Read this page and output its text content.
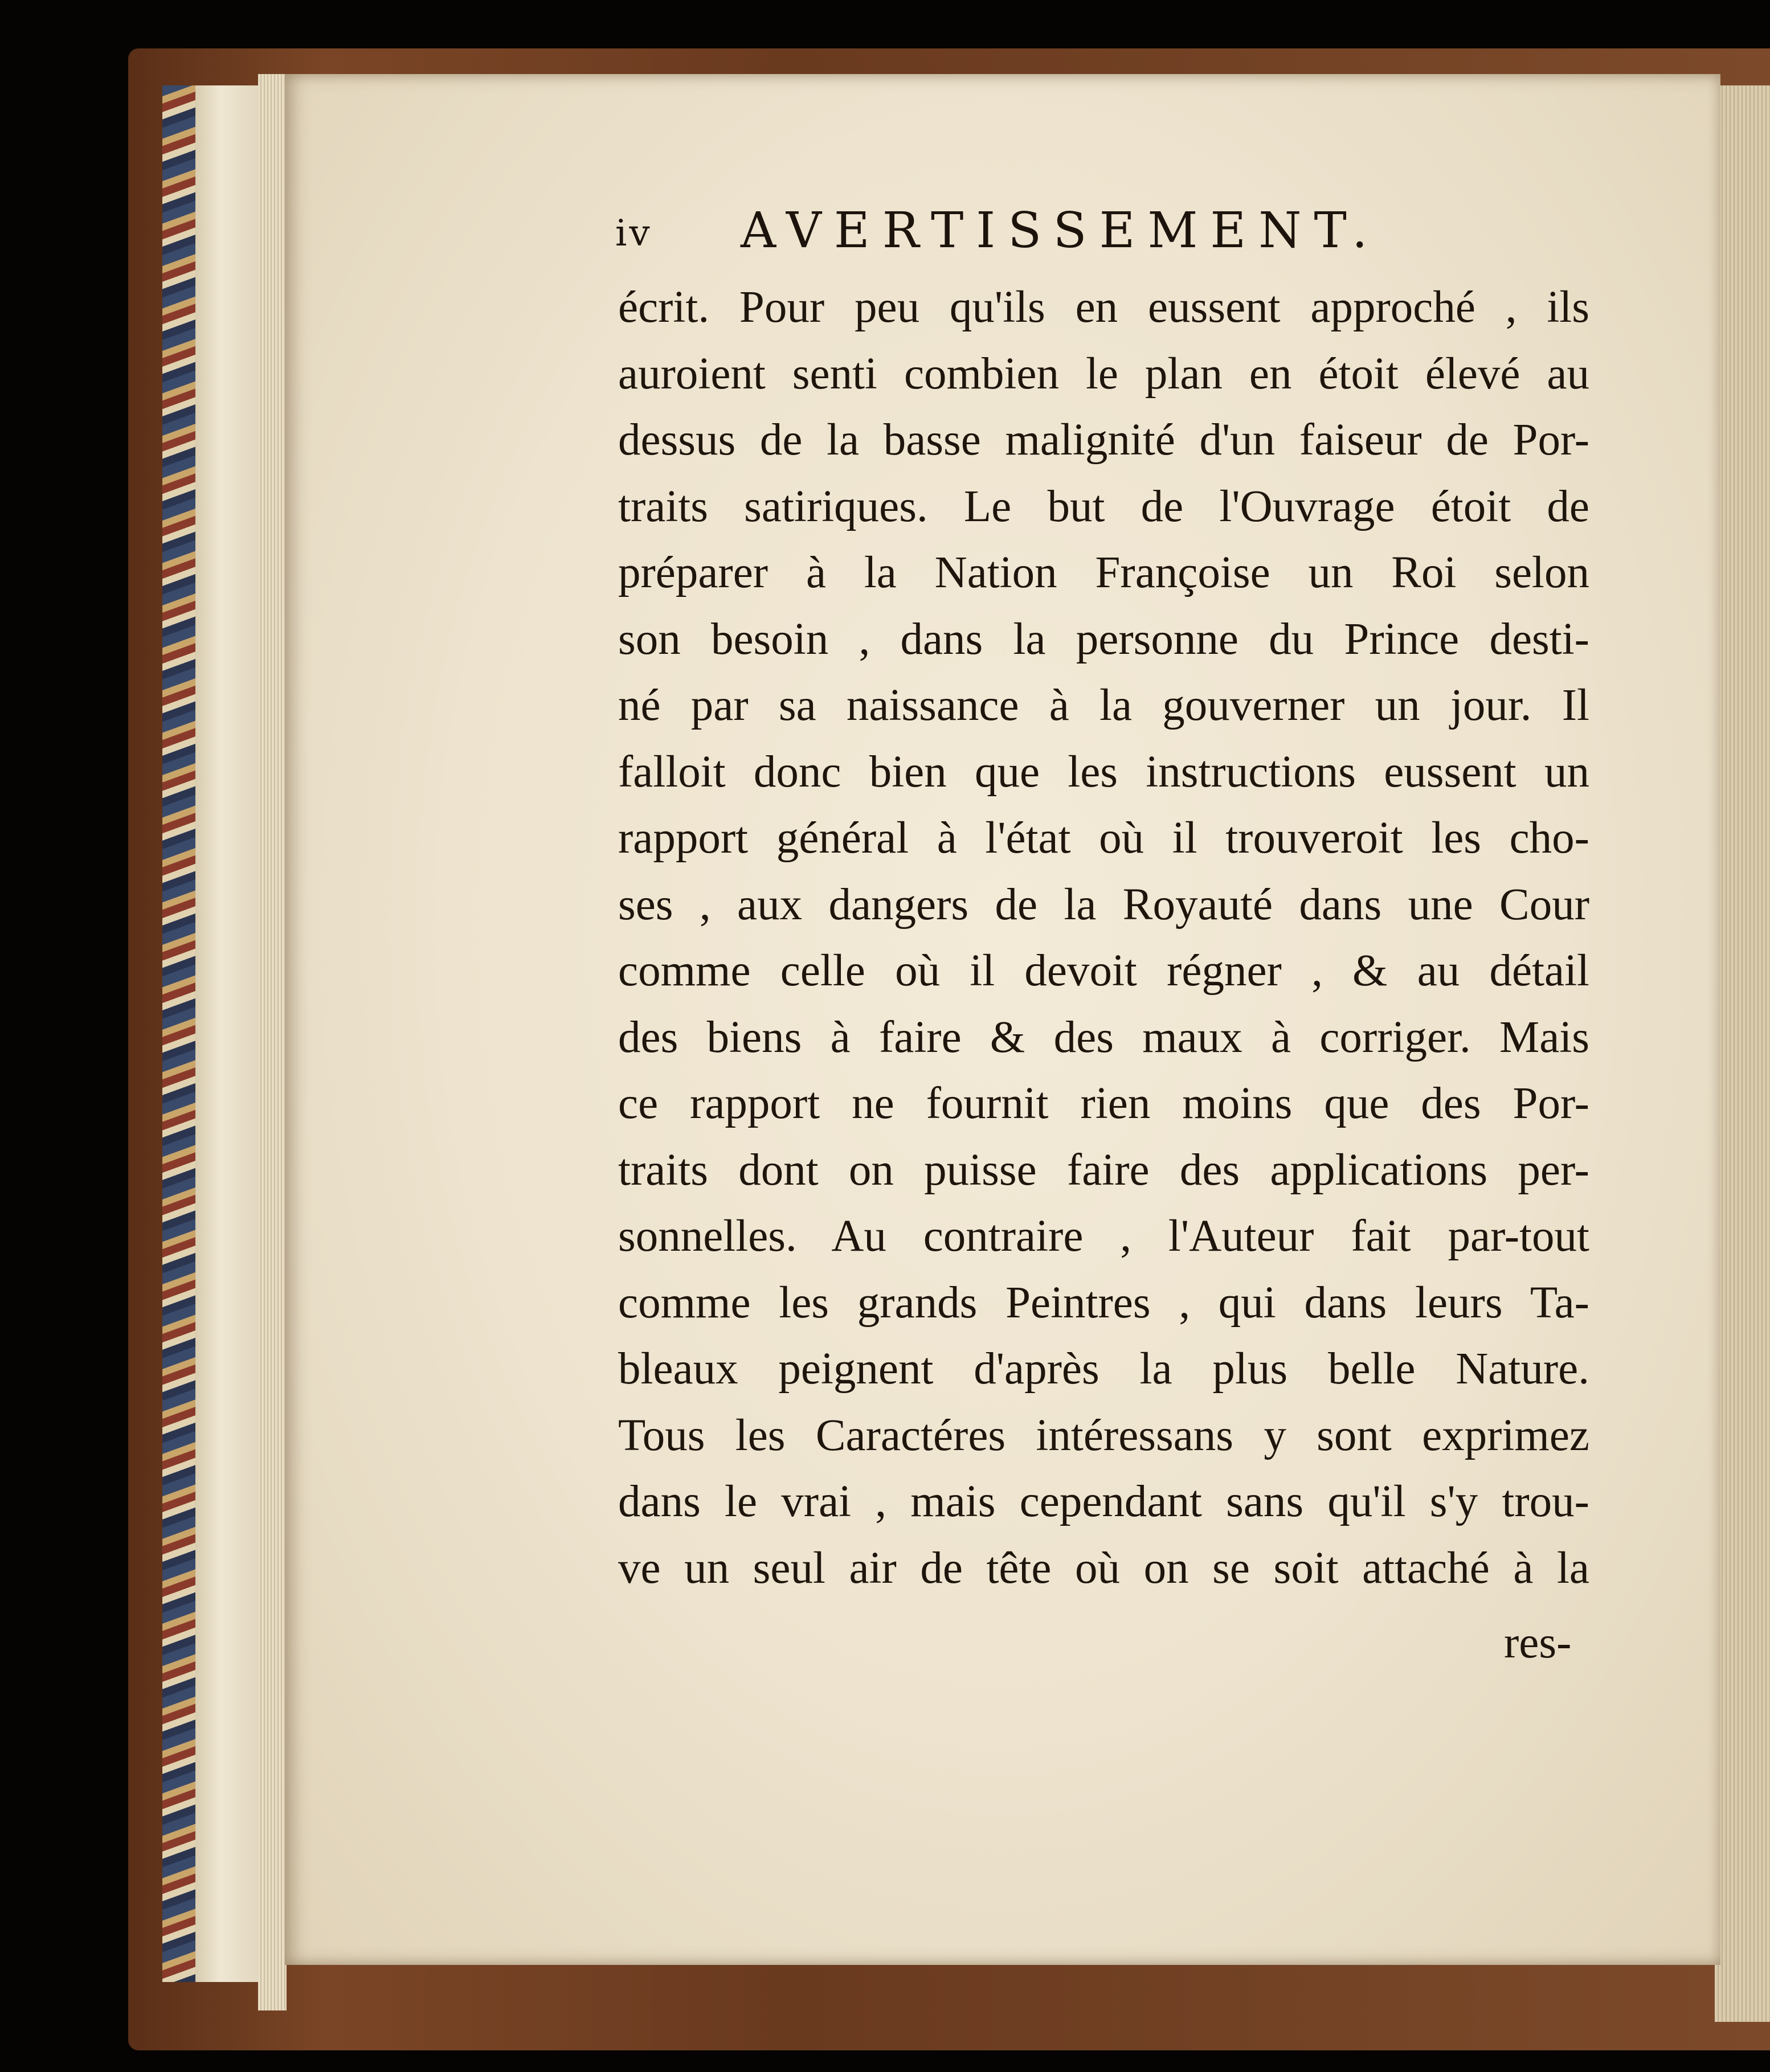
iv AVERTISSEMENT.
écrit. Pour peu qu'ils en eussent approché , ils
auroient senti combien le plan en étoit élevé au
dessus de la basse malignité d'un faiseur de Por-
traits satiriques. Le but de l'Ouvrage étoit de
préparer à la Nation Françoise un Roi selon
son besoin , dans la personne du Prince desti-
né par sa naissance à la gouverner un jour. Il
falloit donc bien que les instructions eussent un
rapport général à l'état où il trouveroit les cho-
ses , aux dangers de la Royauté dans une Cour
comme celle où il devoit régner , & au détail
des biens à faire & des maux à corriger. Mais
ce rapport ne fournit rien moins que des Por-
traits dont on puisse faire des applications per-
sonnelles. Au contraire , l'Auteur fait par-tout
comme les grands Peintres , qui dans leurs Ta-
bleaux peignent d'après la plus belle Nature.
Tous les Caractéres intéressans y sont exprimez
dans le vrai , mais cependant sans qu'il s'y trou-
ve un seul air de tête où on se soit attaché à la
res-
